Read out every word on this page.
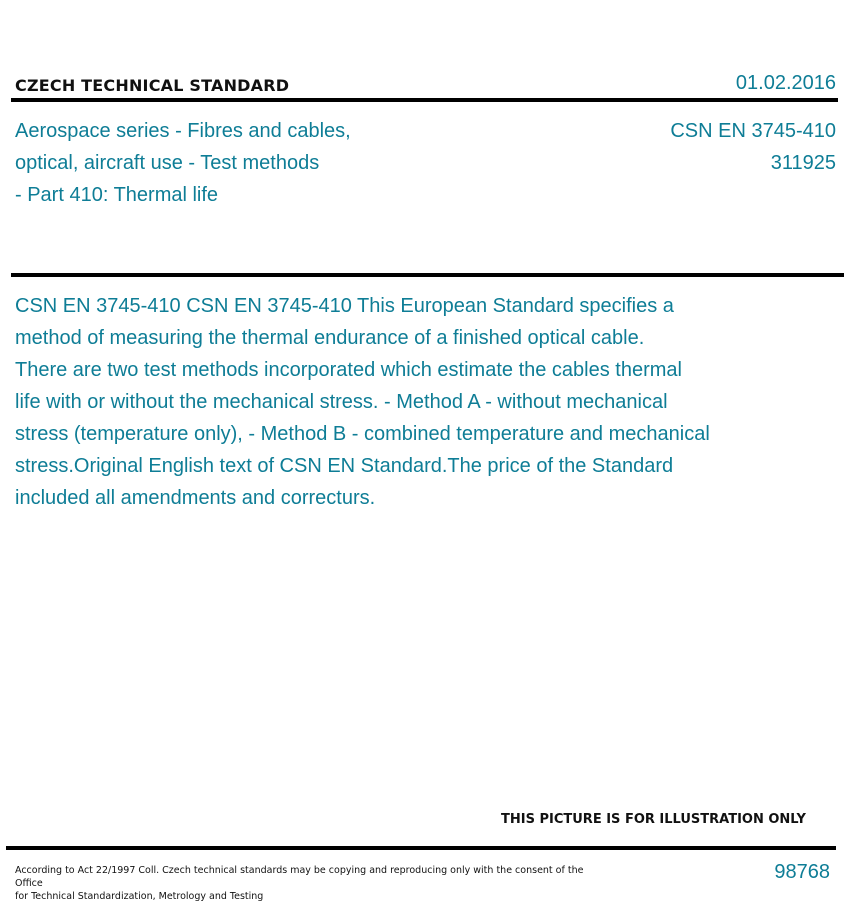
CZECH TECHNICAL STANDARD	01.02.2016
Aerospace series - Fibres and cables,
optical, aircraft use - Test methods
- Part 410: Thermal life
CSN EN 3745-410
311925
CSN EN 3745-410 CSN EN 3745-410 This European Standard specifies a
method of measuring the thermal endurance of a finished optical cable.
There are two test methods incorporated which estimate the cables thermal
life with or without the mechanical stress. - Method A - without mechanical
stress (temperature only), - Method B - combined temperature and mechanical
stress.Original English text of CSN EN Standard.The price of the Standard
included all amendments and correcturs.
THIS PICTURE IS FOR ILLUSTRATION ONLY
According to Act 22/1997 Coll. Czech technical standards may be copying and reproducing only with the consent of the Office
for Technical Standardization, Metrology and Testing
98768
